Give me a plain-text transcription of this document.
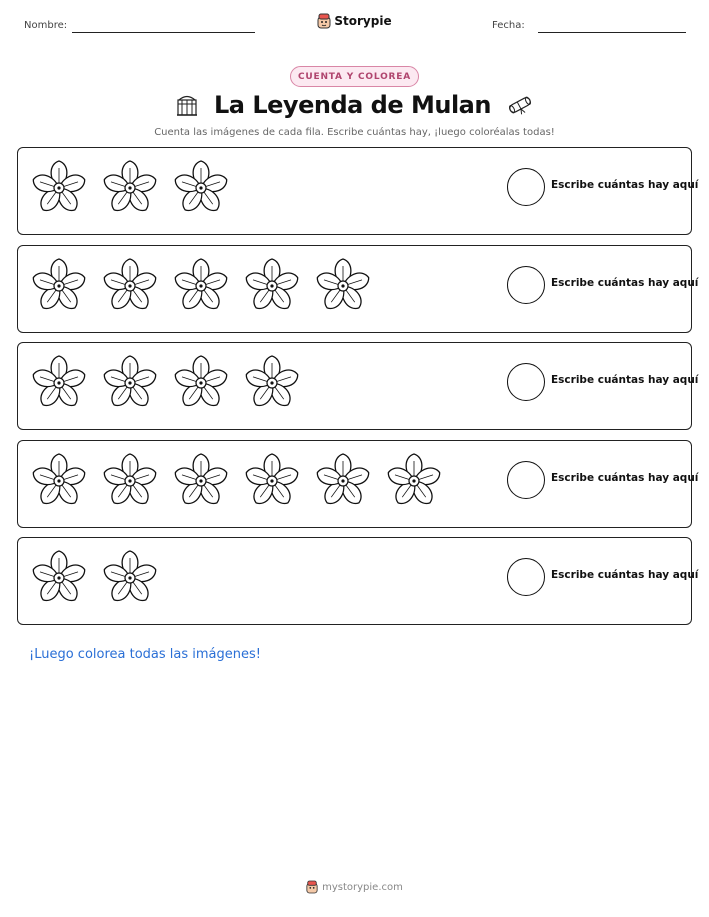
Nombre:	Storypie	Fecha:
CUENTA Y COLOREA
La Leyenda de Mulan
Cuenta las imágenes de cada fila. Escribe cuántas hay, ¡luego coloréalas todas!
Escribe cuántas hay aquí
Escribe cuántas hay aquí
Escribe cuántas hay aquí
Escribe cuántas hay aquí
Escribe cuántas hay aquí
¡Luego colorea todas las imágenes!
mystorypie.com
